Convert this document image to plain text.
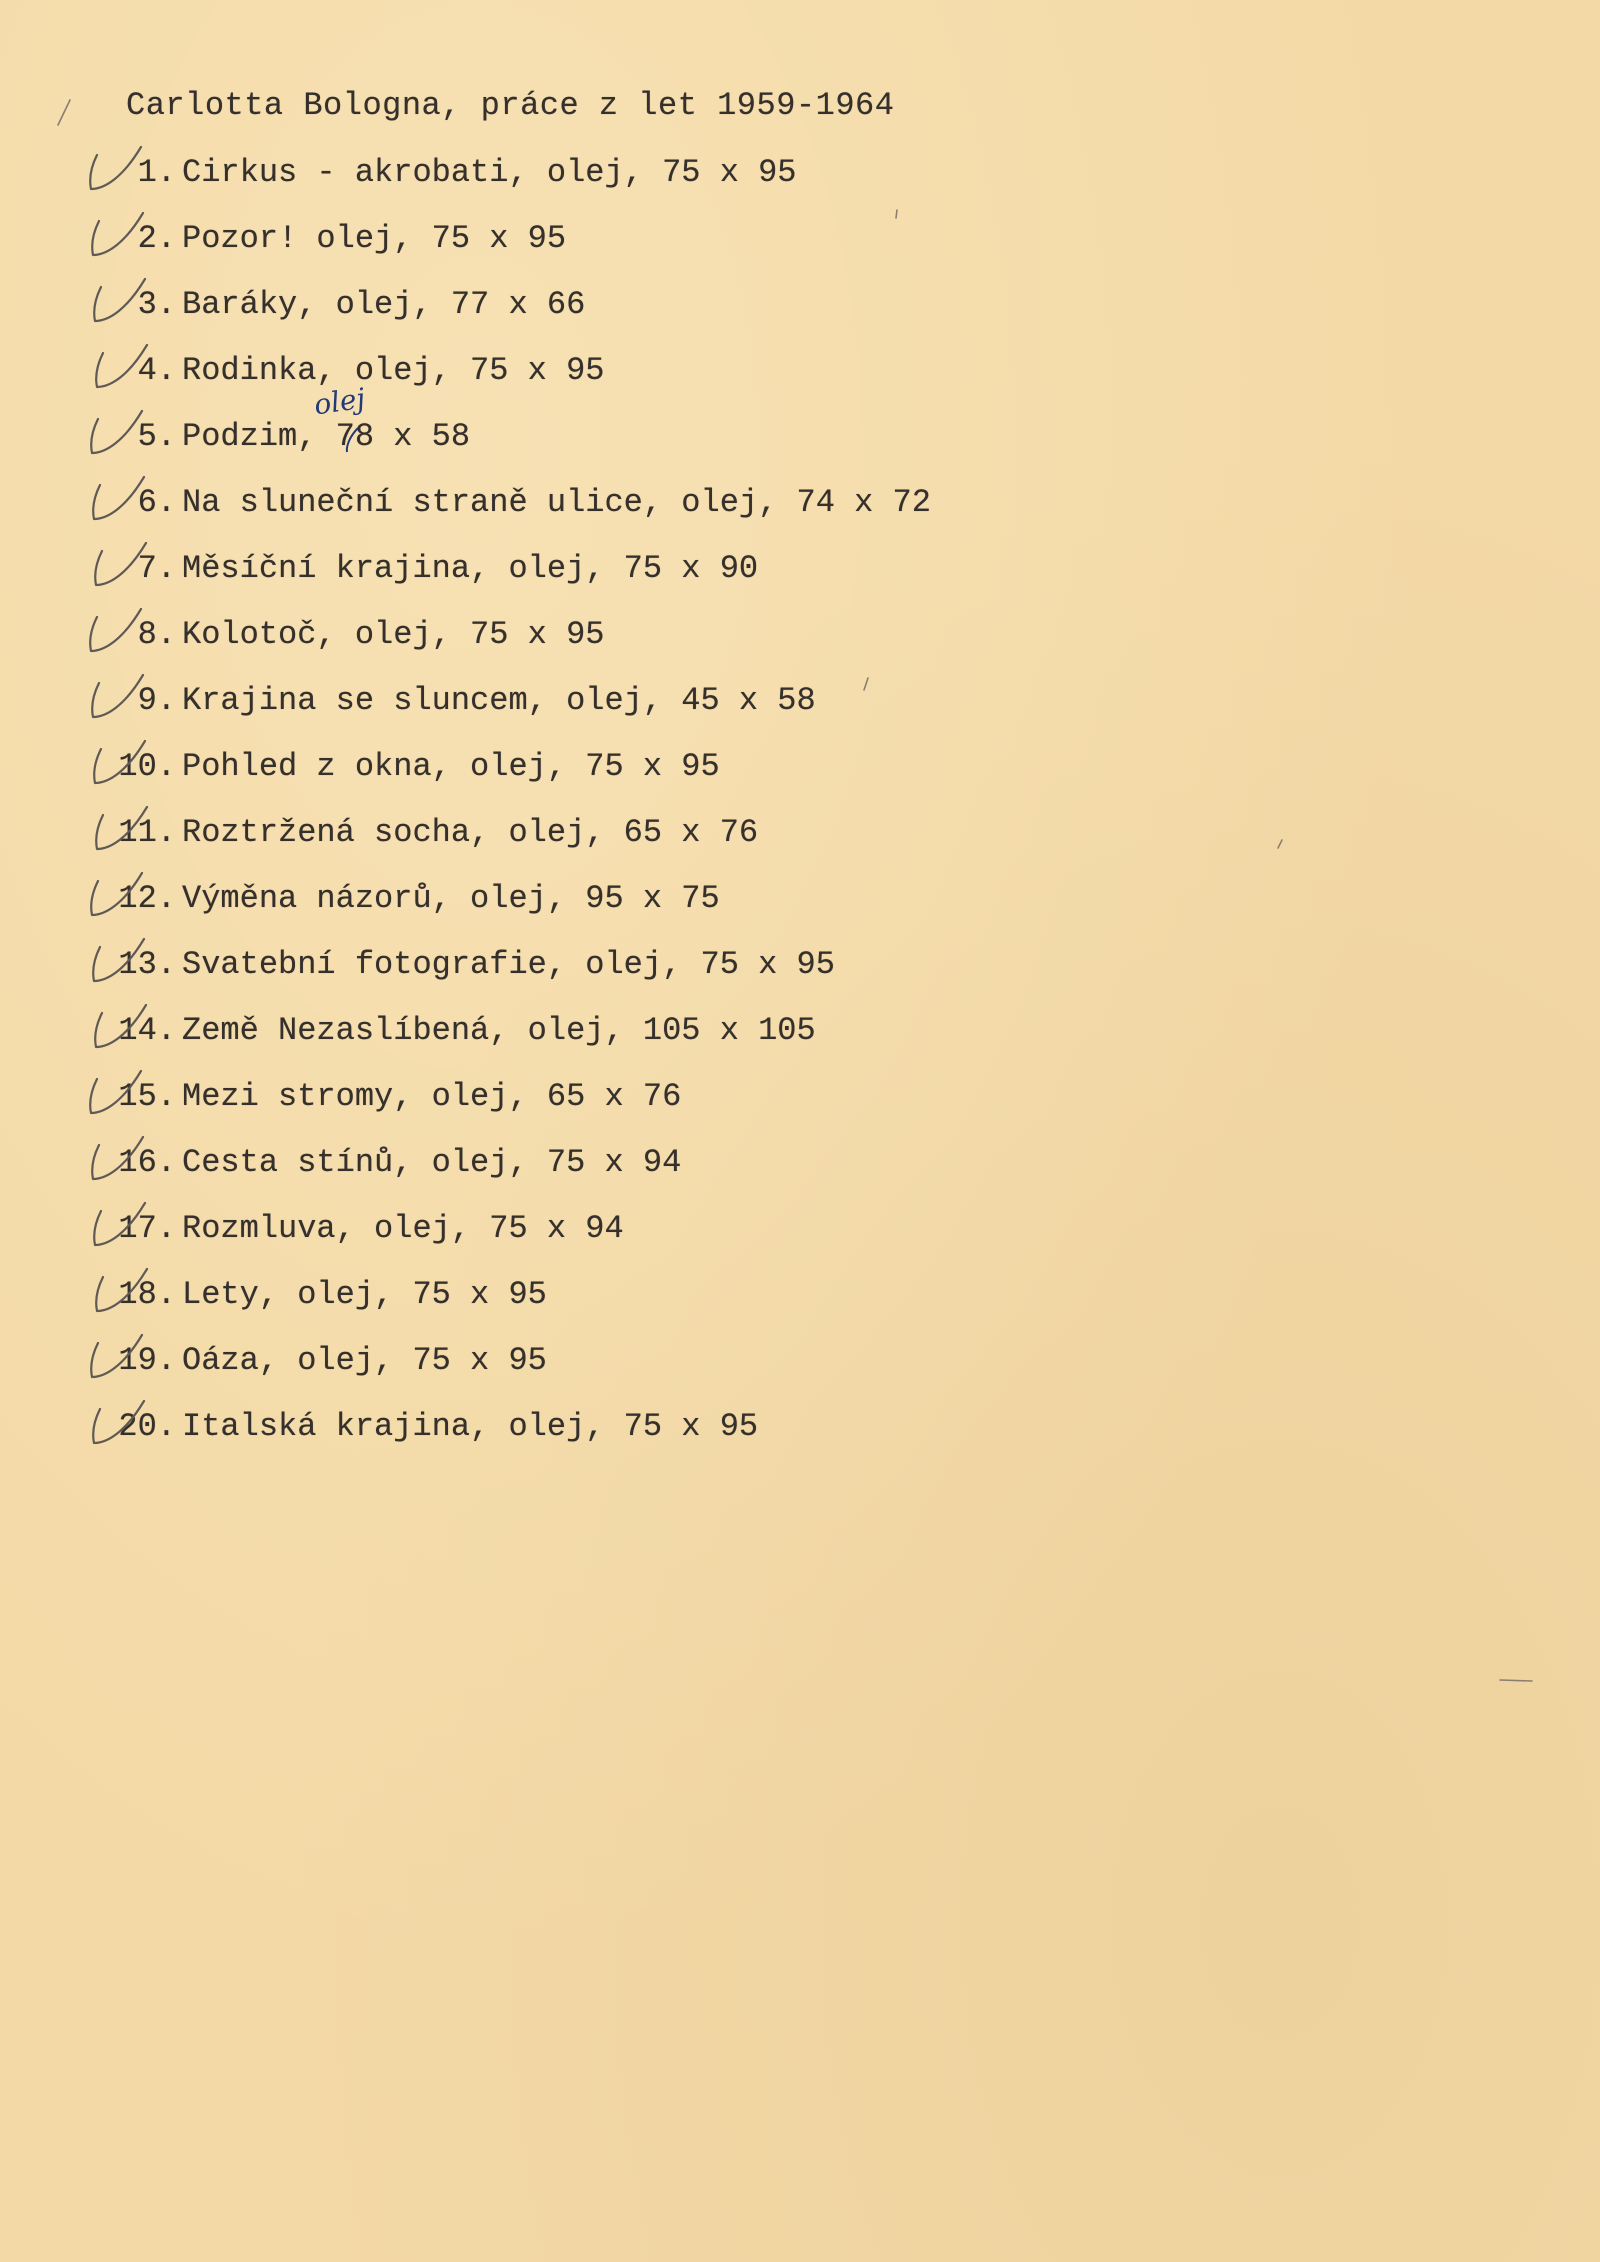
Carlotta Bologna, práce z let 1959-1964
1. Cirkus - akrobati, olej, 75 x 95
2. Pozor! olej, 75 x 95
3. Baráky, olej, 77 x 66
4. Rodinka, olej, 75 x 95
5. Podzim, 78 x 58
6. Na sluneční straně ulice, olej, 74 x 72
7. Měsíční krajina, olej, 75 x 90
8. Kolotoč, olej, 75 x 95
9. Krajina se sluncem, olej, 45 x 58
10. Pohled z okna, olej, 75 x 95
11. Roztržená socha, olej, 65 x 76
12. Výměna názorů, olej, 95 x 75
13. Svatební fotografie, olej, 75 x 95
14. Země Nezaslíbená, olej, 105 x 105
15. Mezi stromy, olej, 65 x 76
16. Cesta stínů, olej, 75 x 94
17. Rozmluva, olej, 75 x 94
18. Lety, olej, 75 x 95
19. Oáza, olej, 75 x 95
20. Italská krajina, olej, 75 x 95
olej
